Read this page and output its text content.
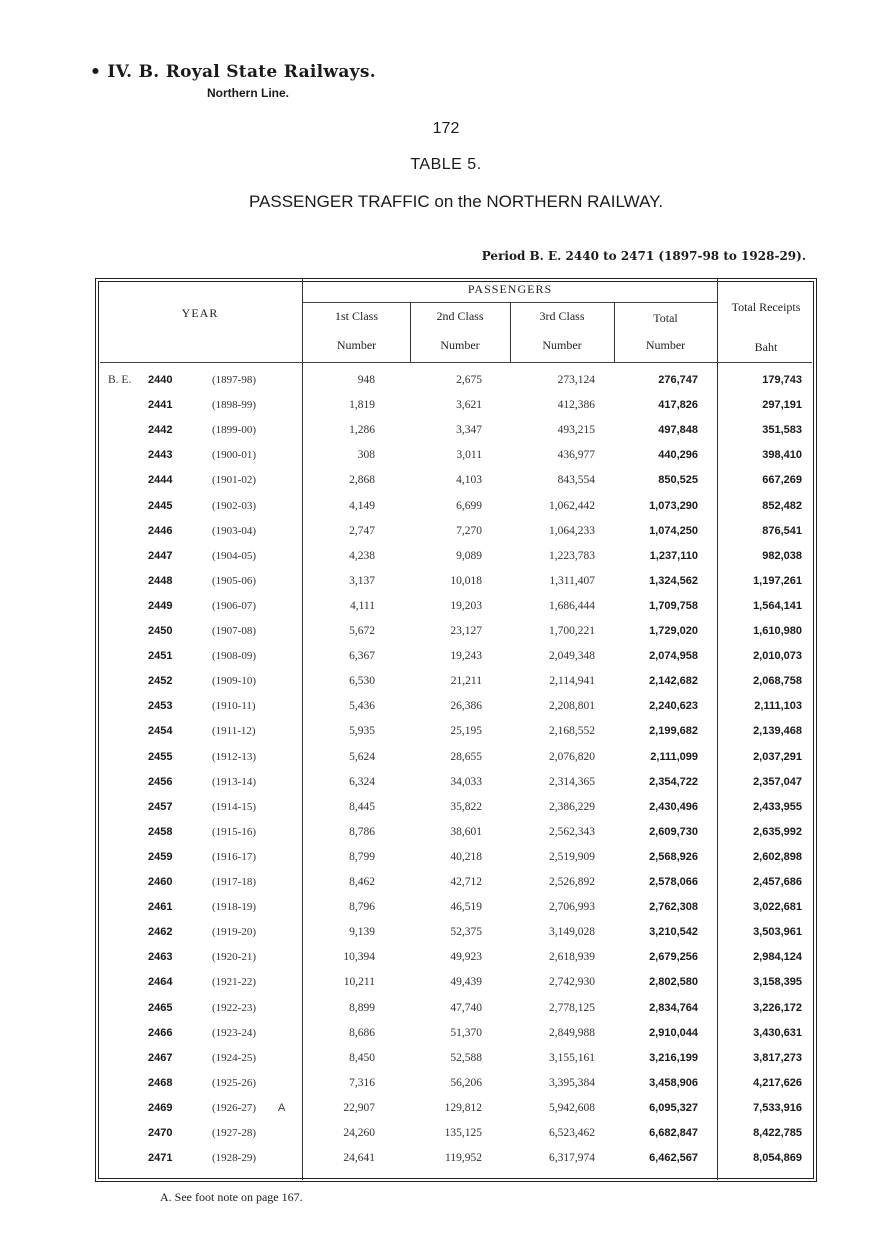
• IV. B. Royal State Railways.
Northern Line.
172
TABLE 5.
PASSENGER TRAFFIC on the NORTHERN RAILWAY.
Period B. E. 2440 to 2471 (1897-98 to 1928-29).
YEAR
PASSENGERS
1st Class	2nd Class	3rd Class	Total
Total Receipts
Number	Number	Number	Number	Baht
B. E. 2440	(1897-98)	948	2,675	273,124	276,747	179,743
2441	(1898-99)	1,819	3,621	412,386	417,826	297,191
2442	(1899-00)	1,286	3,347	493,215	497,848	351,583
2443	(1900-01)	308	3,011	436,977	440,296	398,410
2444	(1901-02)	2,868	4,103	843,554	850,525	667,269
2445	(1902-03)	4,149	6,699	1,062,442	1,073,290	852,482
2446	(1903-04)	2,747	7,270	1,064,233	1,074,250	876,541
2447	(1904-05)	4,238	9,089	1,223,783	1,237,110	982,038
2448	(1905-06)	3,137	10,018	1,311,407	1,324,562	1,197,261
2449	(1906-07)	4,111	19,203	1,686,444	1,709,758	1,564,141
2450	(1907-08)	5,672	23,127	1,700,221	1,729,020	1,610,980
2451	(1908-09)	6,367	19,243	2,049,348	2,074,958	2,010,073
2452	(1909-10)	6,530	21,211	2,114,941	2,142,682	2,068,758
2453	(1910-11)	5,436	26,386	2,208,801	2,240,623	2,111,103
2454	(1911-12)	5,935	25,195	2,168,552	2,199,682	2,139,468
2455	(1912-13)	5,624	28,655	2,076,820	2,111,099	2,037,291
2456	(1913-14)	6,324	34,033	2,314,365	2,354,722	2,357,047
2457	(1914-15)	8,445	35,822	2,386,229	2,430,496	2,433,955
2458	(1915-16)	8,786	38,601	2,562,343	2,609,730	2,635,992
2459	(1916-17)	8,799	40,218	2,519,909	2,568,926	2,602,898
2460	(1917-18)	8,462	42,712	2,526,892	2,578,066	2,457,686
2461	(1918-19)	8,796	46,519	2,706,993	2,762,308	3,022,681
2462	(1919-20)	9,139	52,375	3,149,028	3,210,542	3,503,961
2463	(1920-21)	10,394	49,923	2,618,939	2,679,256	2,984,124
2464	(1921-22)	10,211	49,439	2,742,930	2,802,580	3,158,395
2465	(1922-23)	8,899	47,740	2,778,125	2,834,764	3,226,172
2466	(1923-24)	8,686	51,370	2,849,988	2,910,044	3,430,631
2467	(1924-25)	8,450	52,588	3,155,161	3,216,199	3,817,273
2468	(1925-26)	7,316	56,206	3,395,384	3,458,906	4,217,626
2469	(1926-27)	22,907	129,812	5,942,608	6,095,327	7,533,916
A
2470	(1927-28)	24,260	135,125	6,523,462	6,682,847	8,422,785
2471	(1928-29)	24,641	119,952	6,317,974	6,462,567	8,054,869
A. See foot note on page 167.
